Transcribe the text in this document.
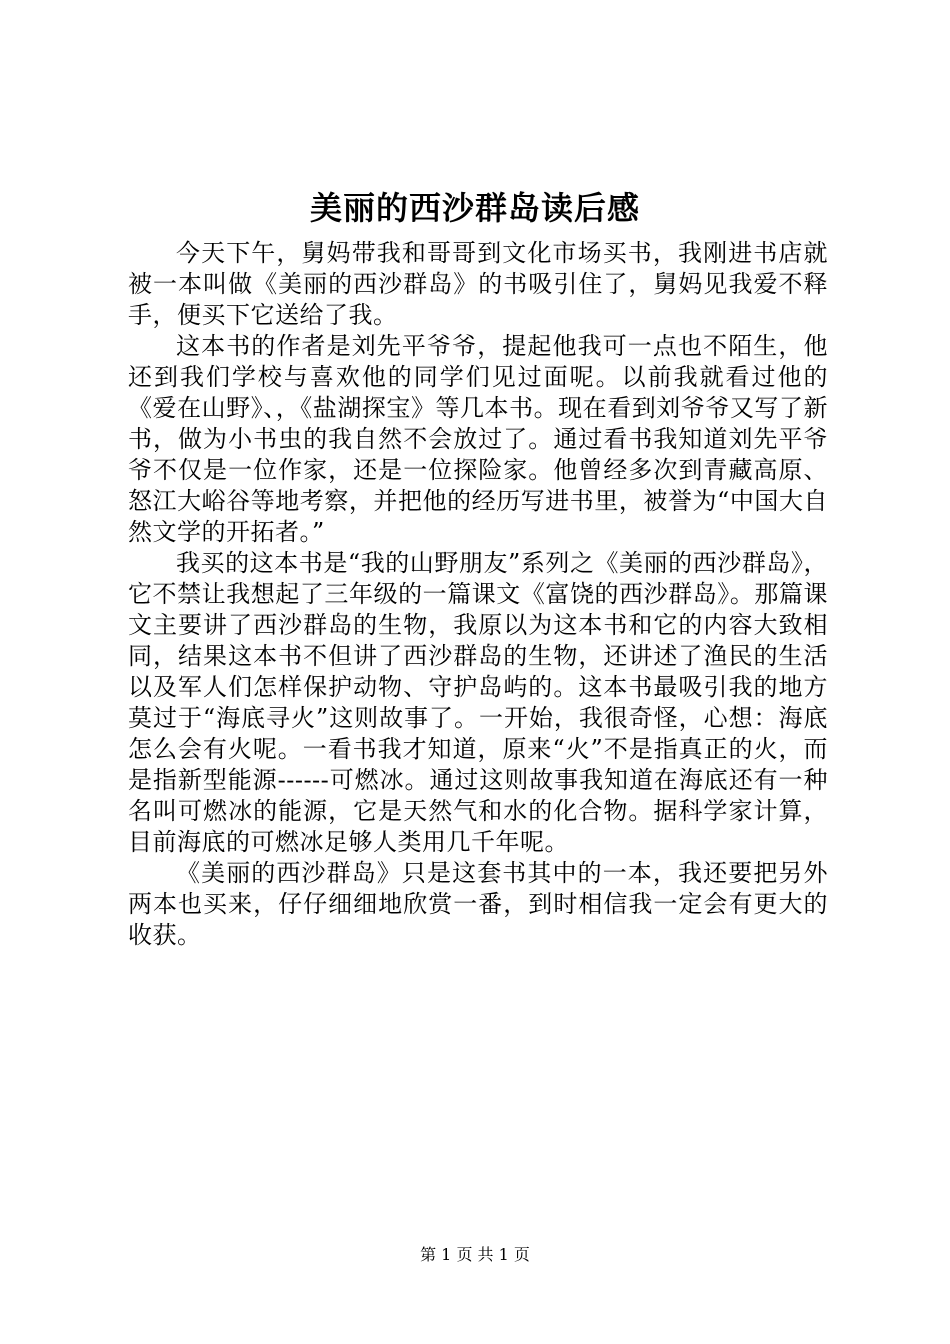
美丽的西沙群岛读后感

今天下午，舅妈带我和哥哥到文化市场买书，我刚进书店就被一本叫做《美丽的西沙群岛》的书吸引住了，舅妈见我爱不释手，便买下它送给了我。

这本书的作者是刘先平爷爷，提起他我可一点也不陌生，他还到我们学校与喜欢他的同学们见过面呢。以前我就看过他的《爱在山野》、，《盐湖探宝》等几本书。现在看到刘爷爷又写了新书，做为小书虫的我自然不会放过了。通过看书我知道刘先平爷爷不仅是一位作家，还是一位探险家。他曾经多次到青藏高原、怒江大峪谷等地考察，并把他的经历写进书里，被誉为“中国大自然文学的开拓者。”

我买的这本书是“我的山野朋友”系列之《美丽的西沙群岛》，它不禁让我想起了三年级的一篇课文《富饶的西沙群岛》。那篇课文主要讲了西沙群岛的生物，我原以为这本书和它的内容大致相同，结果这本书不但讲了西沙群岛的生物，还讲述了渔民的生活以及军人们怎样保护动物、守护岛屿的。这本书最吸引我的地方莫过于“海底寻火”这则故事了。一开始，我很奇怪，心想：海底怎么会有火呢。一看书我才知道，原来“火”不是指真正的火，而是指新型能源------可燃冰。通过这则故事我知道在海底还有一种名叫可燃冰的能源，它是天然气和水的化合物。据科学家计算，目前海底的可燃冰足够人类用几千年呢。

《美丽的西沙群岛》只是这套书其中的一本，我还要把另外两本也买来，仔仔细细地欣赏一番，到时相信我一定会有更大的收获。

第 1 页 共 1 页
